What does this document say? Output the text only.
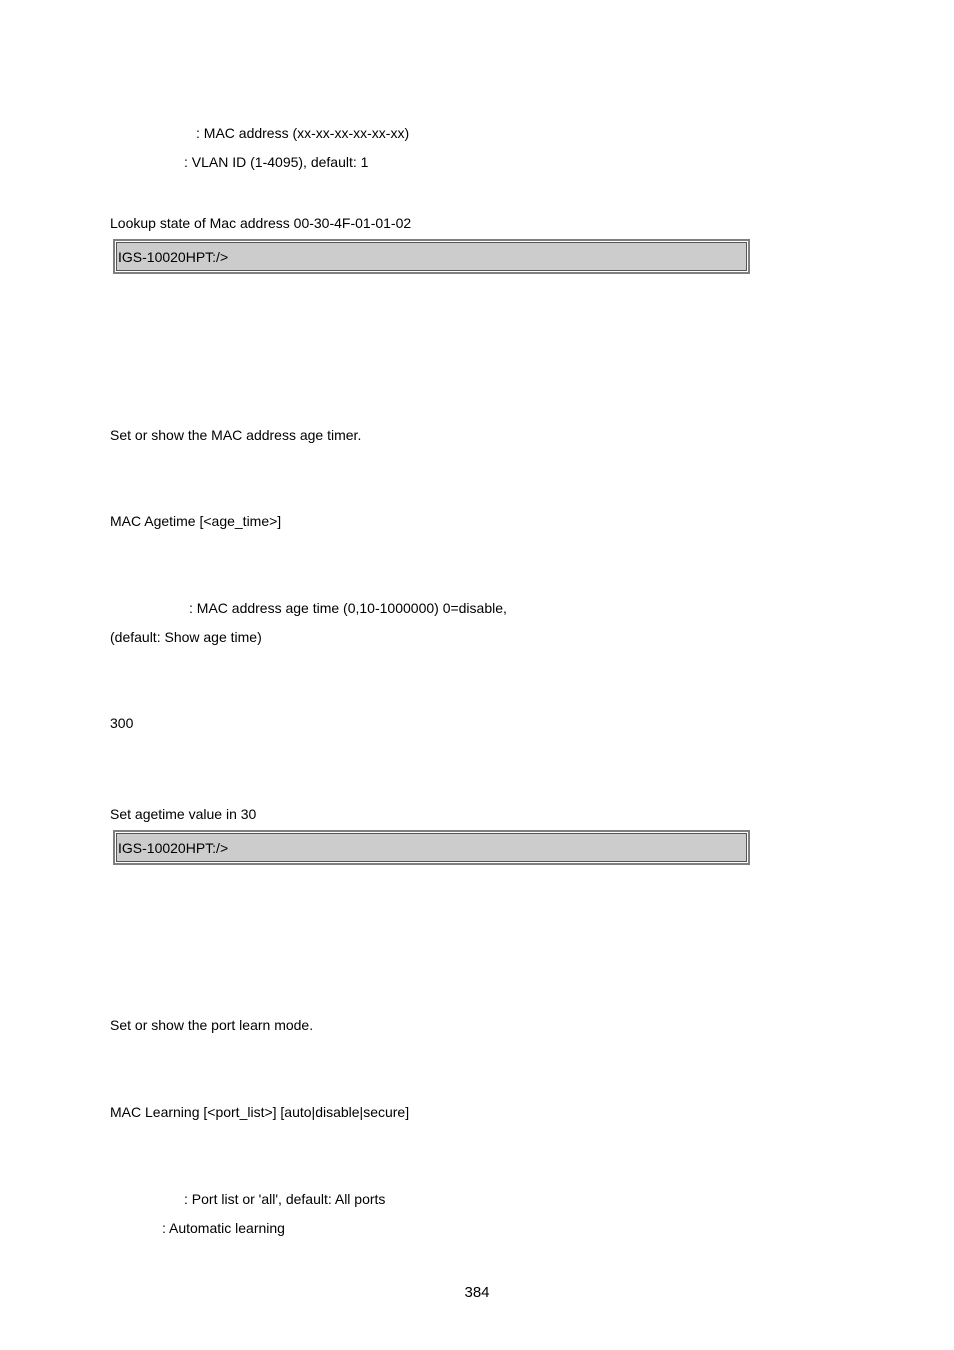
: MAC address (xx-xx-xx-xx-xx-xx)
: VLAN ID (1-4095), default: 1
Lookup state of Mac address 00-30-4F-01-01-02
IGS-10020HPT:/>
Set or show the MAC address age timer.
MAC Agetime [<age_time>]
: MAC address age time (0,10-1000000) 0=disable,
(default: Show age time)
300
Set agetime value in 30
IGS-10020HPT:/>
Set or show the port learn mode.
MAC Learning [<port_list>] [auto|disable|secure]
: Port list or 'all', default: All ports
: Automatic learning
384
